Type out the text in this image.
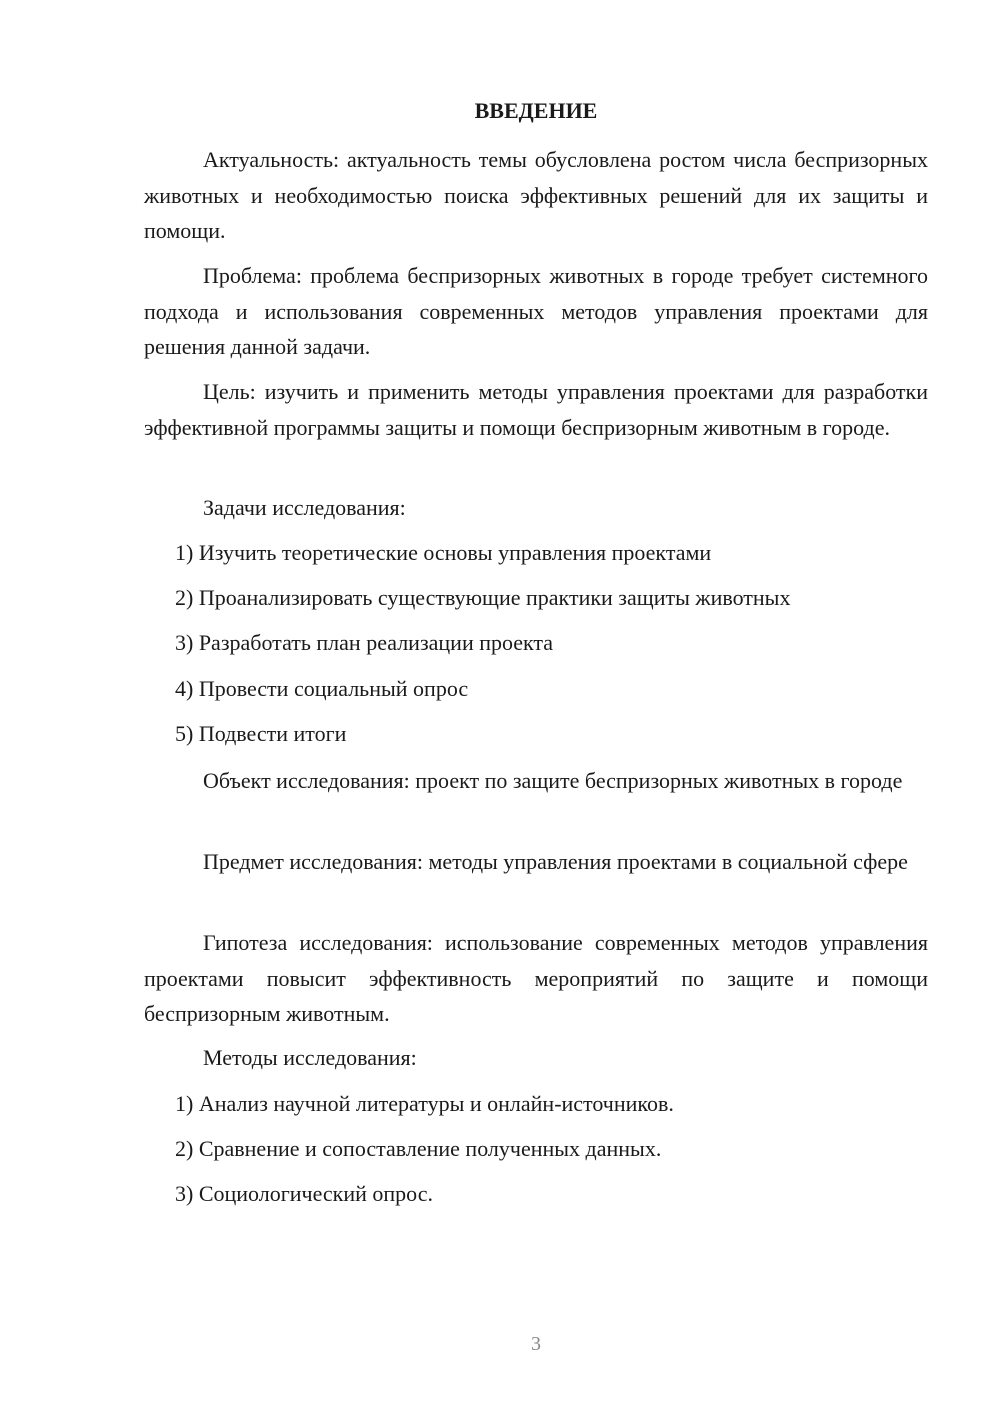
ВВЕДЕНИЕ

Актуальность: актуальность темы обусловлена ростом числа беспризорных животных и необходимостью поиска эффективных решений для их защиты и помощи.

Проблема: проблема беспризорных животных в городе требует системного подхода и использования современных методов управления проектами для решения данной задачи.

Цель: изучить и применить методы управления проектами для разработки эффективной программы защиты и помощи беспризорным животным в городе.

Задачи исследования:
1) Изучить теоретические основы управления проектами
2) Проанализировать существующие практики защиты животных
3) Разработать план реализации проекта
4) Провести социальный опрос
5) Подвести итоги

Объект исследования: проект по защите беспризорных животных в городе

Предмет исследования: методы управления проектами в социальной сфере

Гипотеза исследования: использование современных методов управления проектами повысит эффективность мероприятий по защите и помощи беспризорным животным.

Методы исследования:
1) Анализ научной литературы и онлайн-источников.
2) Сравнение и сопоставление полученных данных.
3) Социологический опрос.
3
